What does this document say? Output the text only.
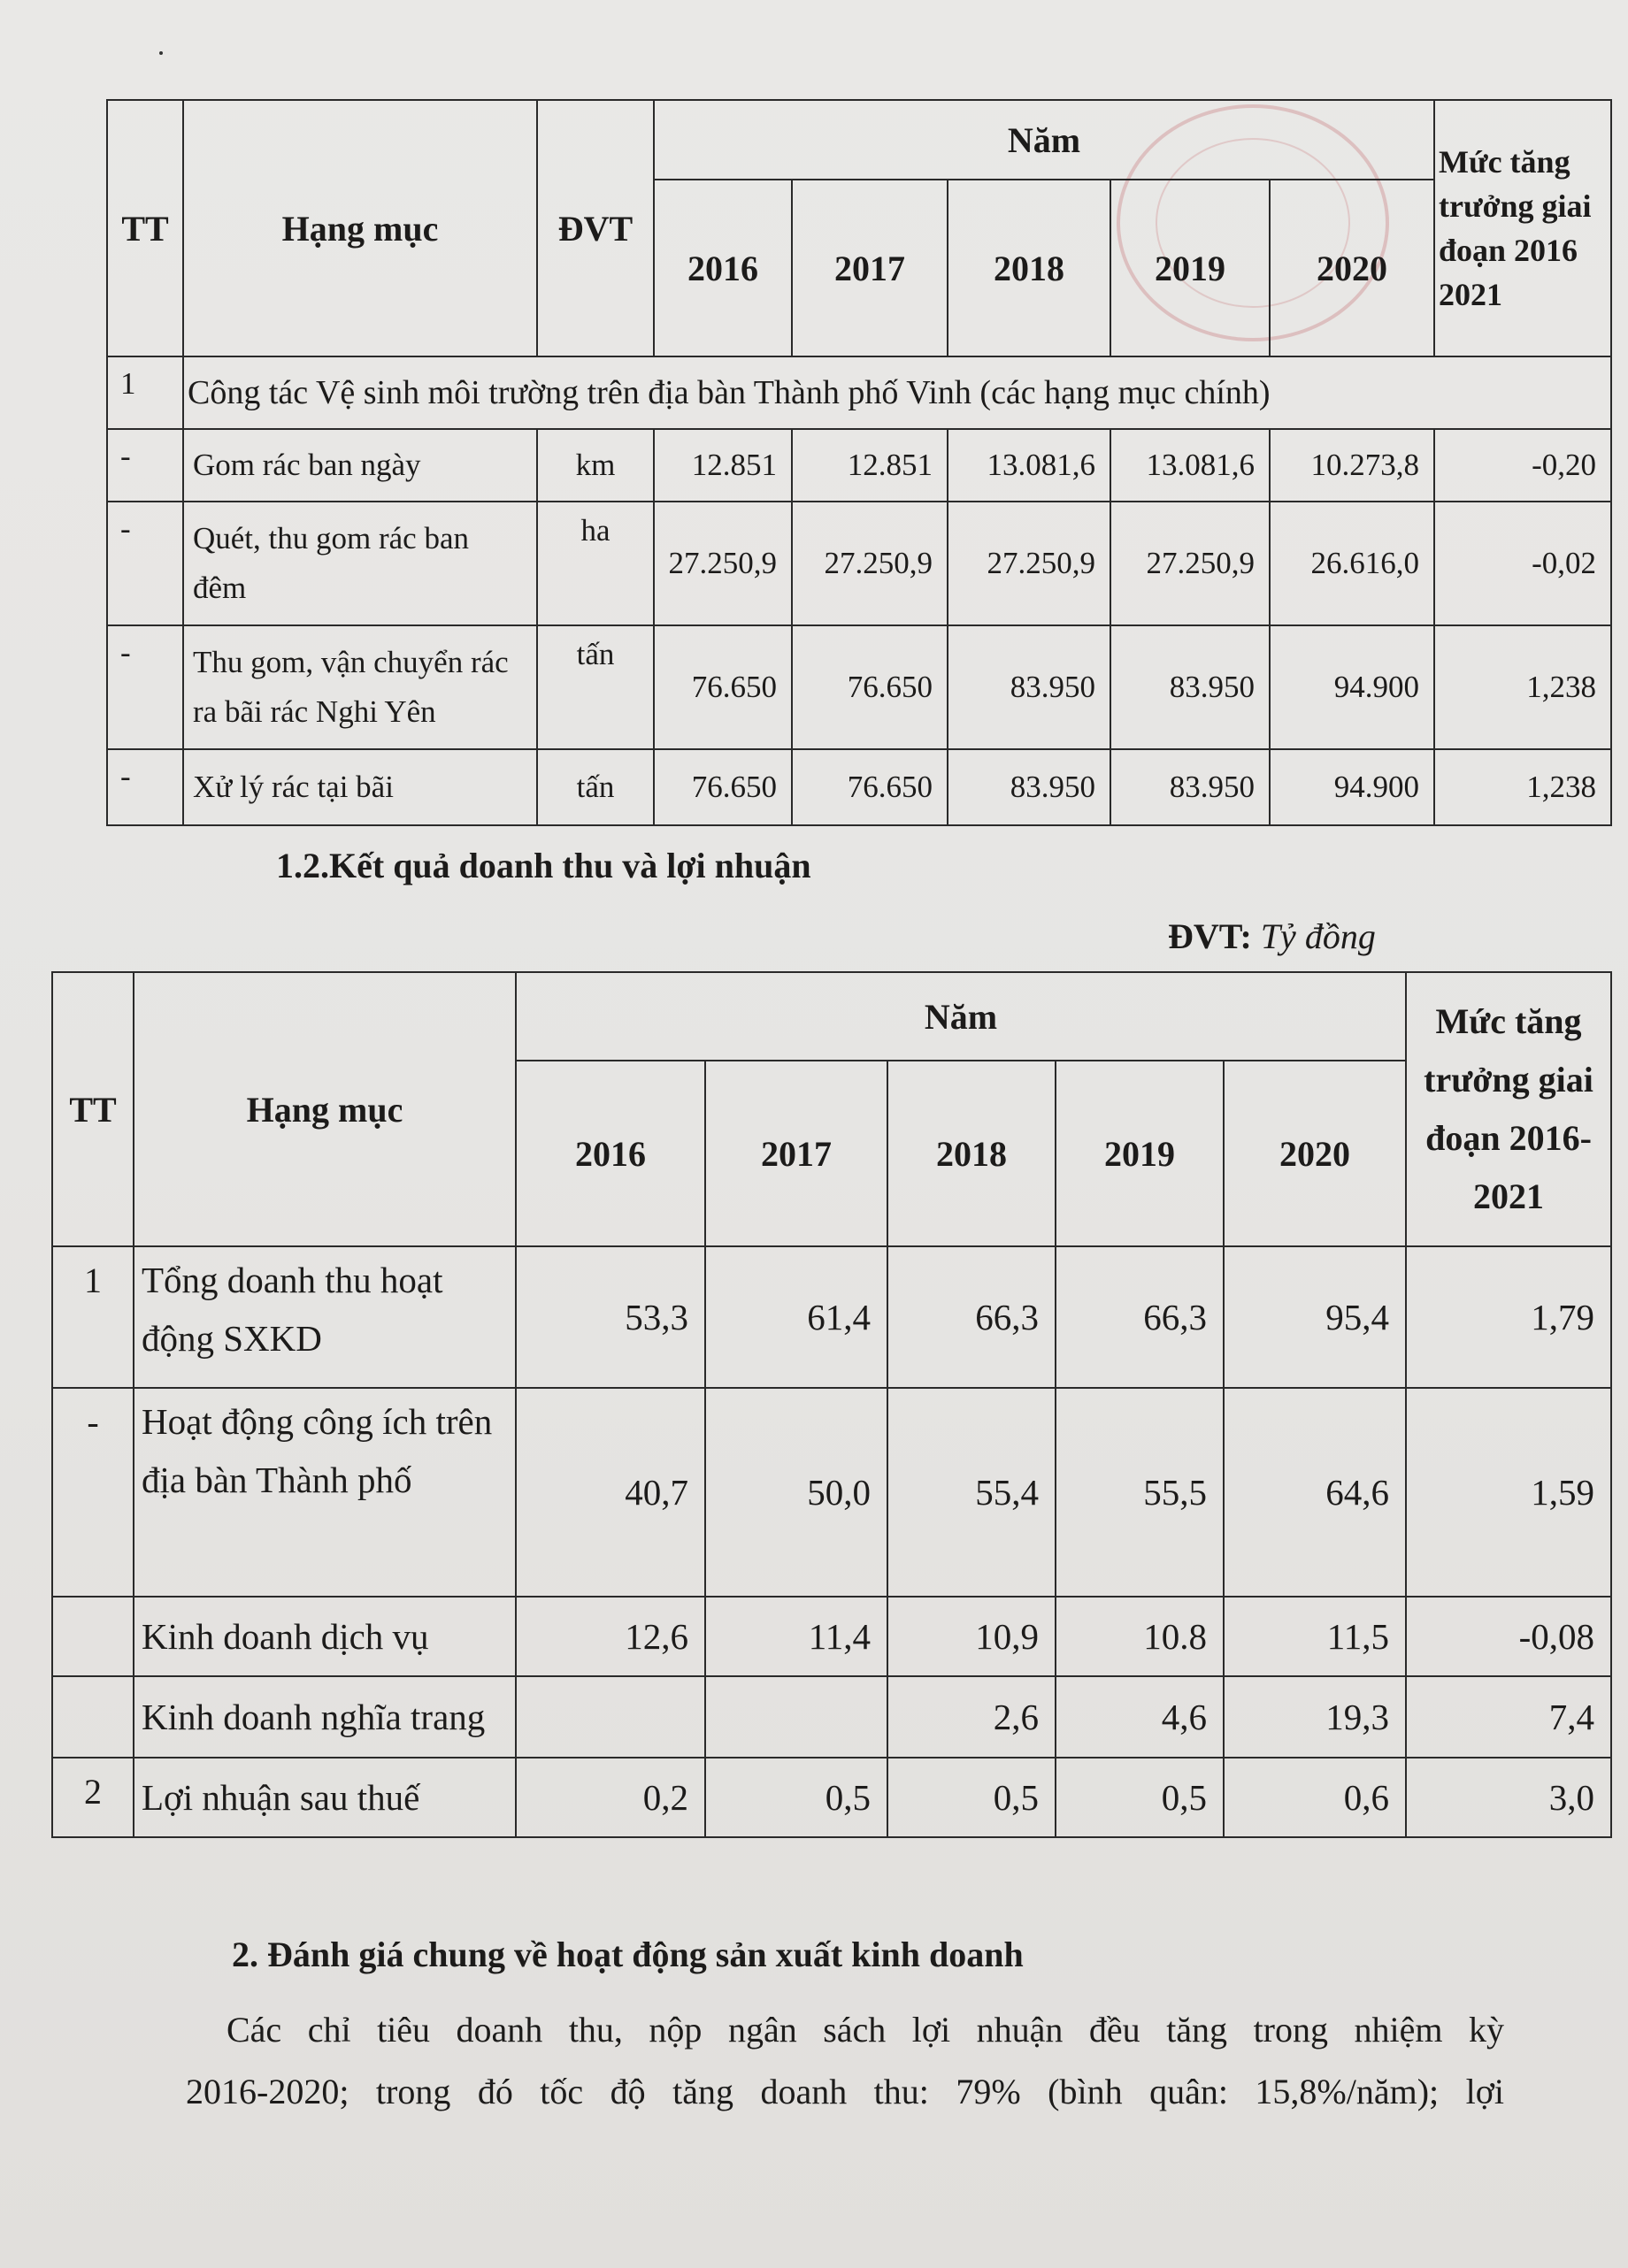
TT	Hạng mục	ĐVT	Năm					Mức tăng trưởng giai đoạn 2016 2021
			2016	2017	2018	2019	2020	
1	Công tác Vệ sinh môi trường trên địa bàn Thành phố Vinh (các hạng mục chính)							
-	Gom rác ban ngày	km	12.851	12.851	13.081,6	13.081,6	10.273,8	-0,20
-	Quét, thu gom rác ban đêm	ha	27.250,9	27.250,9	27.250,9	27.250,9	26.616,0	-0,02
-	Thu gom, vận chuyển rác ra bãi rác Nghi Yên	tấn	76.650	76.650	83.950	83.950	94.900	1,238
-	Xử lý rác tại bãi	tấn	76.650	76.650	83.950	83.950	94.900	1,238
1.2.Kết quả doanh thu và lợi nhuận
ĐVT: Tỷ đồng
TT	Hạng mục	Năm					Mức tăng trưởng giai đoạn 2016- 2021
		2016	2017	2018	2019	2020	
1	Tổng doanh thu hoạt động SXKD	53,3	61,4	66,3	66,3	95,4	1,79
-	Hoạt động công ích trên địa bàn Thành phố	40,7	50,0	55,4	55,5	64,6	1,59
	Kinh doanh dịch vụ	12,6	11,4	10,9	10.8	11,5	-0,08
	Kinh doanh nghĩa trang			2,6	4,6	19,3	7,4
2	Lợi nhuận sau thuế	0,2	0,5	0,5	0,5	0,6	3,0
2. Đánh giá chung về hoạt động sản xuất kinh doanh
Các chỉ tiêu doanh thu, nộp ngân sách lợi nhuận đều tăng trong nhiệm kỳ
2016-2020; trong đó tốc độ tăng doanh thu: 79% (bình quân: 15,8%/năm); lợi
